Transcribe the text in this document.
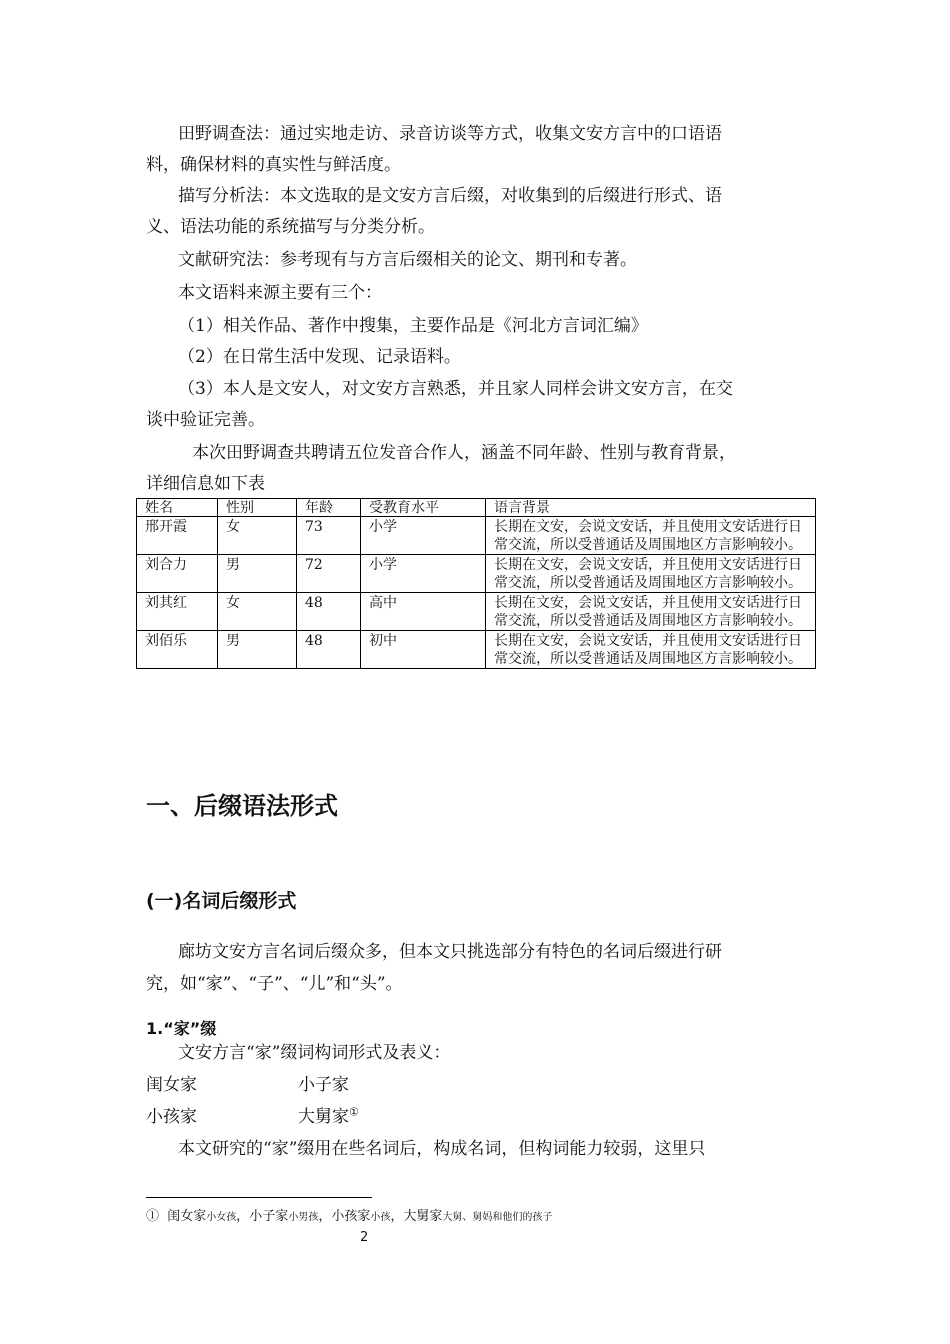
田野调查法：通过实地走访、录音访谈等方式，收集文安方言中的口语语
料，确保材料的真实性与鲜活度。
描写分析法：本文选取的是文安方言后缀，对收集到的后缀进行形式、语
义、语法功能的系统描写与分类分析。
文献研究法：参考现有与方言后缀相关的论文、期刊和专著。
本文语料来源主要有三个：
（1）相关作品、著作中搜集，主要作品是《河北方言词汇编》
（2）在日常生活中发现、记录语料。
（3）本人是文安人，对文安方言熟悉，并且家人同样会讲文安方言，在交
谈中验证完善。
本次田野调查共聘请五位发音合作人，涵盖不同年龄、性别与教育背景，
详细信息如下表
姓名	性别	年龄	受教育水平	语言背景
邢开霞	女	73	小学	长期在文安，会说文安话，并且使用文安话进行日常交流，所以受普通话及周围地区方言影响较小。
刘合力	男	72	小学	长期在文安，会说文安话，并且使用文安话进行日常交流，所以受普通话及周围地区方言影响较小。
刘其红	女	48	高中	长期在文安，会说文安话，并且使用文安话进行日常交流，所以受普通话及周围地区方言影响较小。
刘佰乐	男	48	初中	长期在文安，会说文安话，并且使用文安话进行日常交流，所以受普通话及周围地区方言影响较小。
一、后缀语法形式
(一)名词后缀形式
廊坊文安方言名词后缀众多，但本文只挑选部分有特色的名词后缀进行研
究，如“家”、“子”、“儿”和“头”。
1.“家”缀
文安方言“家”缀词构词形式及表义：
闺女家	小子家
小孩家	大舅家①
本文研究的“家”缀用在些名词后，构成名词，但构词能力较弱，这里只
① 闺女家小女孩，小子家小男孩，小孩家小孩，大舅家大舅、舅妈和他们的孩子
2
